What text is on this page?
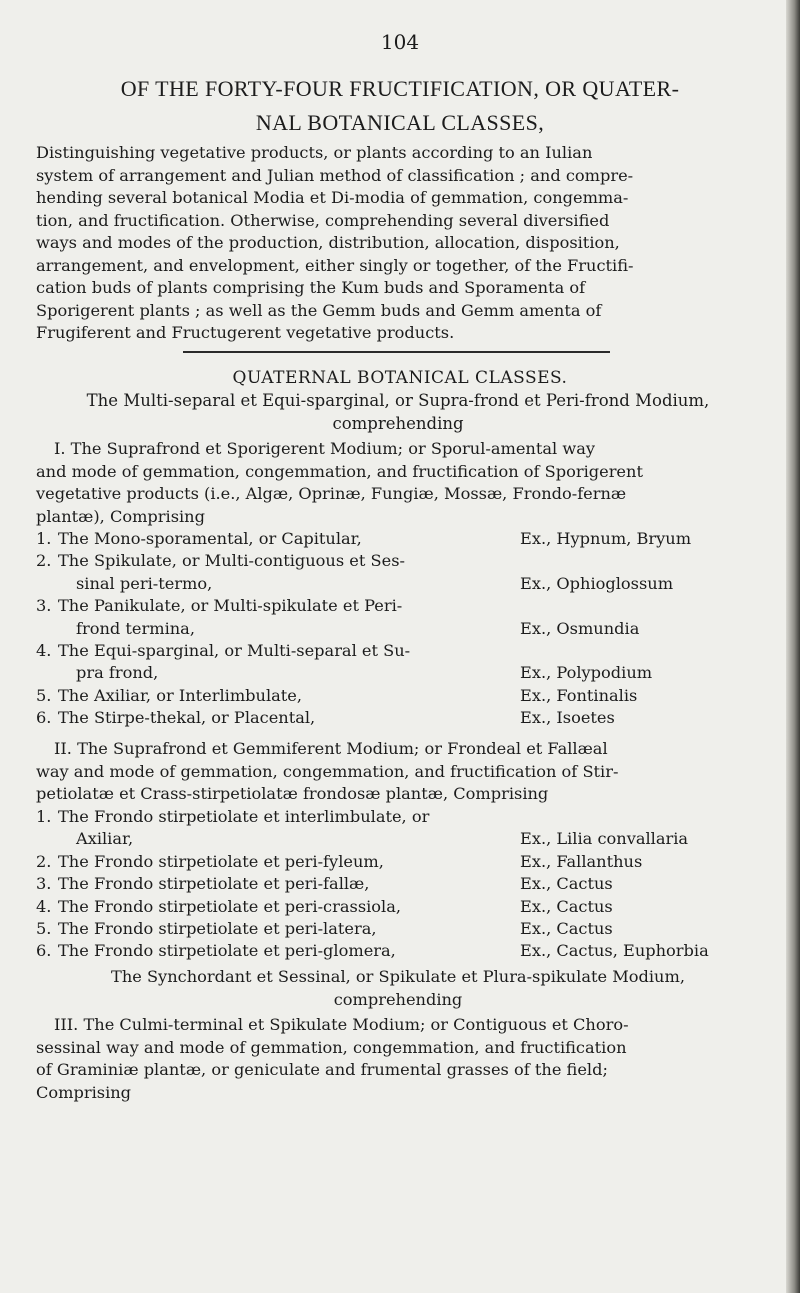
104
OF THE FORTY-FOUR FRUCTIFICATION, OR QUATER-
NAL BOTANICAL CLASSES,
Distinguishing vegetative products, or plants according to an Iulian
system of arrangement and Julian method of classification ; and compre-
hending several botanical Modia et Di-modia of gemmation, congemma-
tion, and fructification. Otherwise, comprehending several diversified
ways and modes of the production, distribution, allocation, disposition,
arrangement, and envelopment, either singly or together, of the Fructifi-
cation buds of plants comprising the Kum buds and Sporamenta of
Sporigerent plants ; as well as the Gemm buds and Gemm amenta of
Frugiferent and Fructugerent vegetative products.
QUATERNAL BOTANICAL CLASSES.
The Multi-separal et Equi-sparginal, or Supra-frond et Peri-frond Modium,
comprehending
I. The Suprafrond et Sporigerent Modium; or Sporul-amental way
and mode of gemmation, congemmation, and fructification of Sporigerent
vegetative products (i.e., Algæ, Oprinæ, Fungiæ, Mossæ, Frondo-fernæ
plantæ), Comprising
1. The Mono-sporamental, or Capitular,	Ex., Hypnum, Bryum
2. The Spikulate, or Multi-contiguous et Ses-
sinal peri-termo,	Ex., Ophioglossum
3. The Panikulate, or Multi-spikulate et Peri-
frond termina,	Ex., Osmundia
4. The Equi-sparginal, or Multi-separal et Su-
pra frond,	Ex., Polypodium
5. The Axiliar, or Interlimbulate,	Ex., Fontinalis
6. The Stirpe-thekal, or Placental,	Ex., Isoetes
II. The Suprafrond et Gemmiferent Modium; or Frondeal et Fallæal
way and mode of gemmation, congemmation, and fructification of Stir-
petiolatæ et Crass-stirpetiolatæ frondosæ plantæ, Comprising
1. The Frondo stirpetiolate et interlimbulate, or
Axiliar,	Ex., Lilia convallaria
2. The Frondo stirpetiolate et peri-fyleum,	Ex., Fallanthus
3. The Frondo stirpetiolate et peri-fallæ,	Ex., Cactus
4. The Frondo stirpetiolate et peri-crassiola,	Ex., Cactus
5. The Frondo stirpetiolate et peri-latera,	Ex., Cactus
6. The Frondo stirpetiolate et peri-glomera,	Ex., Cactus, Euphorbia
The Synchordant et Sessinal, or Spikulate et Plura-spikulate Modium,
comprehending
III. The Culmi-terminal et Spikulate Modium; or Contiguous et Choro-
sessinal way and mode of gemmation, congemmation, and fructification
of Graminiæ plantæ, or geniculate and frumental grasses of the field;
Comprising
